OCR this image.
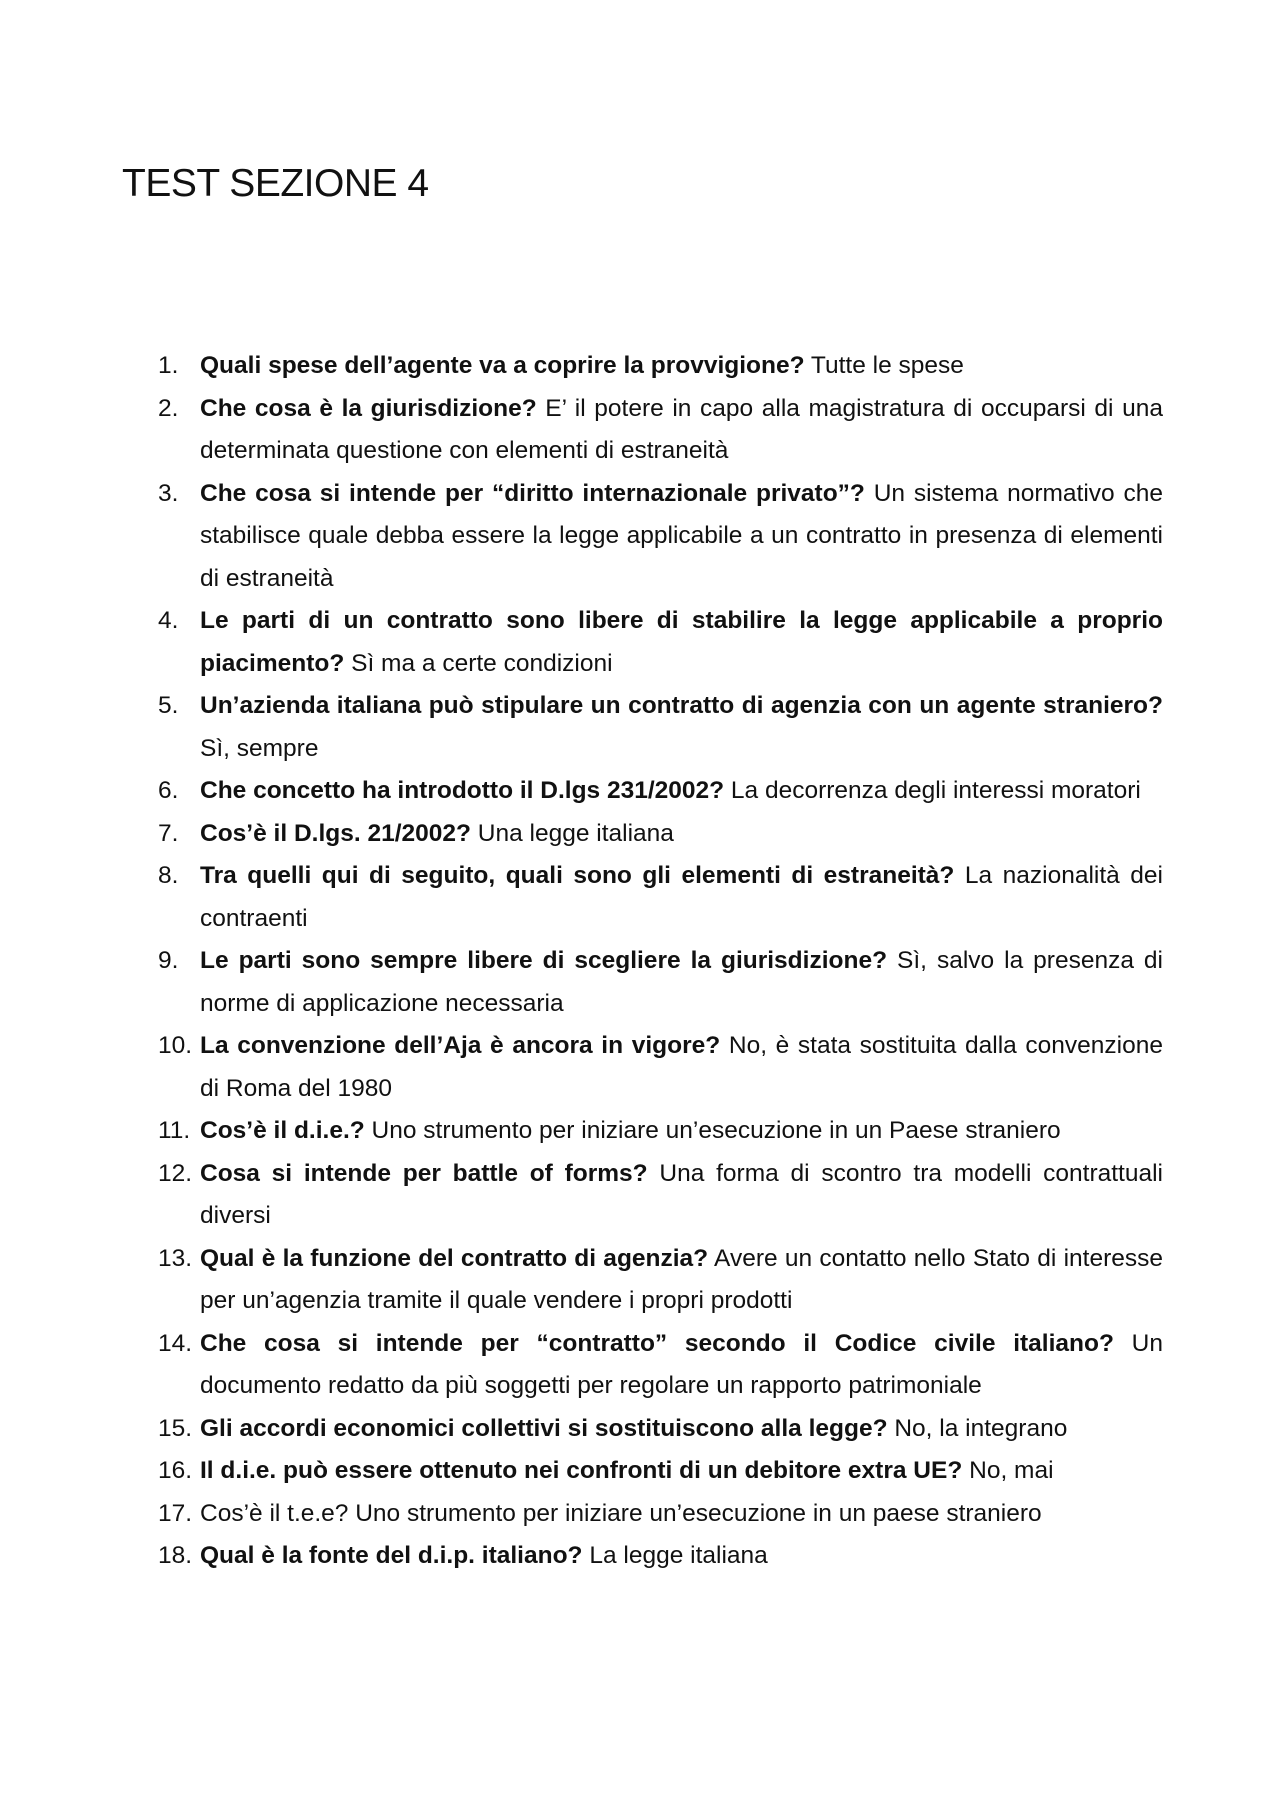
TEST SEZIONE 4
1. Quali spese dell’agente va a coprire la provvigione? Tutte le spese
2. Che cosa è la giurisdizione? E’ il potere in capo alla magistratura di occuparsi di una determinata questione con elementi di estraneità
3. Che cosa si intende per “diritto internazionale privato”? Un sistema normativo che stabilisce quale debba essere la legge applicabile a un contratto in presenza di elementi di estraneità
4. Le parti di un contratto sono libere di stabilire la legge applicabile a proprio piacimento? Sì ma a certe condizioni
5. Un’azienda italiana può stipulare un contratto di agenzia con un agente straniero? Sì, sempre
6. Che concetto ha introdotto il D.lgs 231/2002? La decorrenza degli interessi moratori
7. Cos’è il D.lgs. 21/2002? Una legge italiana
8. Tra quelli qui di seguito, quali sono gli elementi di estraneità? La nazionalità dei contraenti
9. Le parti sono sempre libere di scegliere la giurisdizione? Sì, salvo la presenza di norme di applicazione necessaria
10. La convenzione dell’Aja è ancora in vigore? No, è stata sostituita dalla convenzione di Roma del 1980
11. Cos’è il d.i.e.? Uno strumento per iniziare un’esecuzione in un Paese straniero
12. Cosa si intende per battle of forms? Una forma di scontro tra modelli contrattuali diversi
13. Qual è la funzione del contratto di agenzia? Avere un contatto nello Stato di interesse per un’agenzia tramite il quale vendere i propri prodotti
14. Che cosa si intende per “contratto” secondo il Codice civile italiano? Un documento redatto da più soggetti per regolare un rapporto patrimoniale
15. Gli accordi economici collettivi si sostituiscono alla legge? No, la integrano
16. Il d.i.e. può essere ottenuto nei confronti di un debitore extra UE? No, mai
17. Cos’è il t.e.e? Uno strumento per iniziare un’esecuzione in un paese straniero
18. Qual è la fonte del d.i.p. italiano? La legge italiana
